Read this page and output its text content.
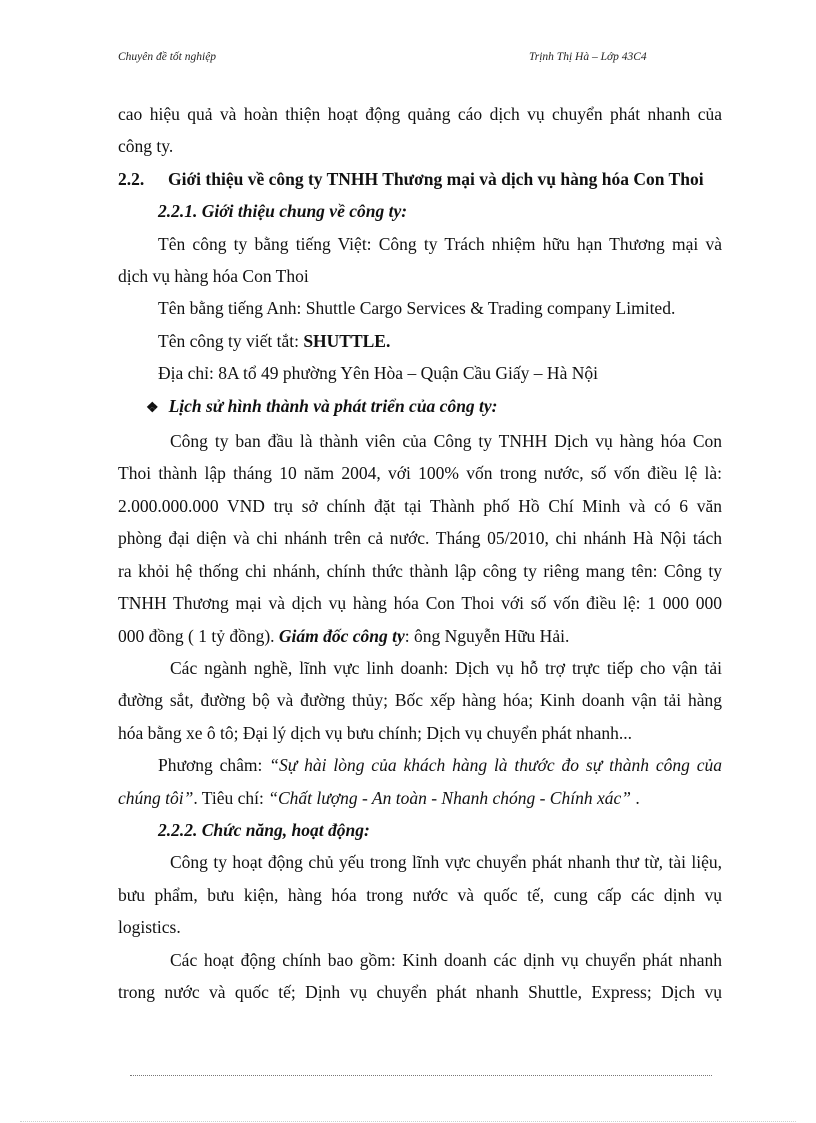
Chuyên đề tốt nghiệp	Trịnh Thị Hà – Lớp 43C4

cao hiệu quả và hoàn thiện hoạt động quảng cáo dịch vụ chuyển phát nhanh của

công ty.

2.2. Giới thiệu về công ty TNHH Thương mại và dịch vụ hàng hóa Con Thoi

2.2.1. Giới thiệu chung về công ty:

Tên công ty bằng tiếng Việt: Công ty Trách nhiệm hữu hạn Thương mại và

dịch vụ hàng hóa Con Thoi

Tên bằng tiếng Anh: Shuttle Cargo Services & Trading company Limited.

Tên công ty viết tắt: SHUTTLE.

Địa chỉ: 8A tổ 49 phường Yên Hòa – Quận Cầu Giấy – Hà Nội

❖ Lịch sử hình thành và phát triển của công ty:

Công ty ban đầu là thành viên của Công ty TNHH Dịch vụ hàng hóa Con

Thoi thành lập tháng 10 năm 2004, với 100% vốn trong nước, số vốn điều lệ là:

2.000.000.000 VND trụ sở chính đặt tại Thành phố Hồ Chí Minh và có 6 văn

phòng đại diện và chi nhánh trên cả nước. Tháng 05/2010, chi nhánh Hà Nội tách

ra khỏi hệ thống chi nhánh, chính thức thành lập công ty riêng mang tên: Công ty

TNHH Thương mại và dịch vụ hàng hóa Con Thoi với số vốn điều lệ: 1 000 000

000 đồng ( 1 tỷ đồng). Giám đốc công ty: ông Nguyễn Hữu Hải.

Các ngành nghề, lĩnh vực linh doanh: Dịch vụ hỗ trợ trực tiếp cho vận tải

đường sắt, đường bộ và đường thủy; Bốc xếp hàng hóa; Kinh doanh vận tải hàng

hóa bằng xe ô tô; Đại lý dịch vụ bưu chính; Dịch vụ chuyển phát nhanh...

Phương châm: “Sự hài lòng của khách hàng là thước đo sự thành công của

chúng tôi”. Tiêu chí: “Chất lượng - An toàn - Nhanh chóng - Chính xác” .

2.2.2. Chức năng, hoạt động:

Công ty hoạt động chủ yếu trong lĩnh vực chuyển phát nhanh thư từ, tài liệu,

bưu phẩm, bưu kiện, hàng hóa trong nước và quốc tế, cung cấp các dịnh vụ

logistics.

Các hoạt động chính bao gồm: Kinh doanh các dịnh vụ chuyển phát nhanh

trong nước và quốc tế; Dịnh vụ chuyển phát nhanh Shuttle, Express; Dịch vụ
